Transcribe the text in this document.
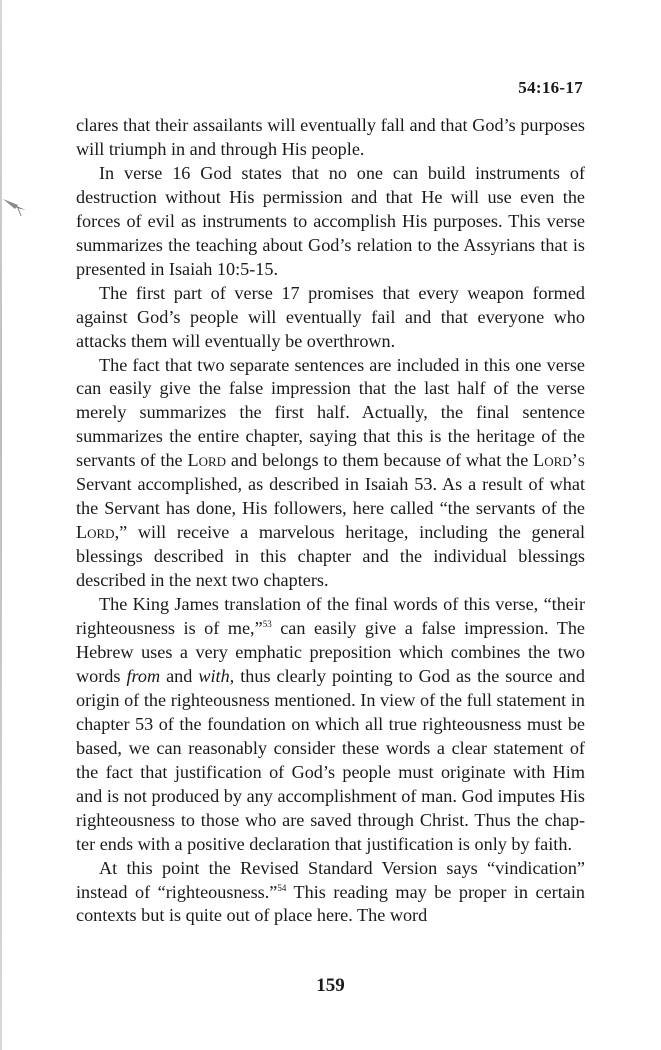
54:16-17

clares that their assailants will eventually fall and that God’s purposes will triumph in and through His people.

In verse 16 God states that no one can build instruments of destruction without His permission and that He will use even the forces of evil as instruments to accomplish His purposes. This verse summarizes the teaching about God’s relation to the Assyrians that is presented in Isaiah 10:5-15.

The first part of verse 17 promises that every weapon formed against God’s people will eventually fail and that everyone who attacks them will eventually be overthrown.

The fact that two separate sentences are included in this one verse can easily give the false impression that the last half of the verse merely summarizes the first half. Actually, the final sentence summarizes the entire chapter, saying that this is the heritage of the servants of the Lord and belongs to them because of what the Lord’s Servant accomplished, as described in Isaiah 53. As a result of what the Servant has done, His followers, here called “the servants of the Lord,” will receive a marvelous heritage, including the general blessings described in this chapter and the individual blessings described in the next two chapters.

The King James translation of the final words of this verse, “their righteousness is of me,”$^{53}$ can easily give a false impression. The Hebrew uses a very emphatic preposition which combines the two words from and with, thus clearly pointing to God as the source and origin of the righteousness mentioned. In view of the full statement in chapter 53 of the foundation on which all true righteousness must be based, we can reasonably consider these words a clear statement of the fact that justification of God’s people must originate with Him and is not produced by any accomplishment of man. God imputes His righteousness to those who are saved through Christ. Thus the chapter ends with a positive declaration that justification is only by faith.

At this point the Revised Standard Version says “vindication” instead of “righteousness.”$^{54}$ This reading may be proper in certain contexts but is quite out of place here. The word

159
